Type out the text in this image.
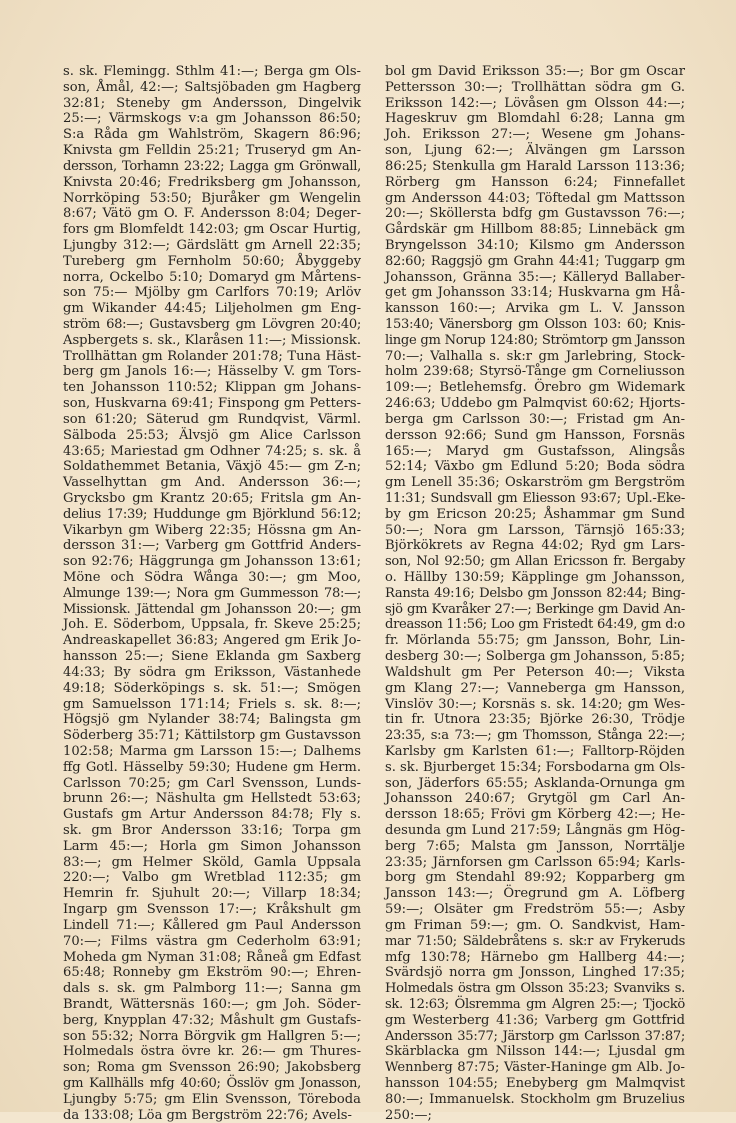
s. sk. Flemingg. Sthlm 41:—; Berga gm Ols-
son, Åmål, 42:—; Saltsjöbaden gm Hagberg
32:81; Steneby gm Andersson, Dingelvik
25:—; Värmskogs v:a gm Johansson 86:50;
S:a Råda gm Wahlström, Skagern 86:96;
Knivsta gm Felldin 25:21; Truseryd gm An-
dersson, Torhamn 23:22; Lagga gm Grönwall,
Knivsta 20:46; Fredriksberg gm Johansson,
Norrköping 53:50; Bjuråker gm Wengelin
8:67; Vätö gm O. F. Andersson 8:04; Deger-
fors gm Blomfeldt 142:03; gm Oscar Hurtig,
Ljungby 312:—; Gärdslätt gm Arnell 22:35;
Tureberg gm Fernholm 50:60; Åbyggeby
norra, Ockelbo 5:10; Domaryd gm Mårtens-
son 75:— Mjölby gm Carlfors 70:19; Arlöv
gm Wikander 44:45; Liljeholmen gm Eng-
ström 68:—; Gustavsberg gm Lövgren 20:40;
Aspbergets s. sk., Klaråsen 11:—; Missionsk.
Trollhättan gm Rolander 201:78; Tuna Häst-
berg gm Janols 16:—; Hässelby V. gm Tors-
ten Johansson 110:52; Klippan gm Johans-
son, Huskvarna 69:41; Finspong gm Petters-
son 61:20; Säterud gm Rundqvist, Värml.
Sälboda 25:53; Älvsjö gm Alice Carlsson
43:65; Mariestad gm Odhner 74:25; s. sk. å
Soldathemmet Betania, Växjö 45:— gm Z-n;
Vasselhyttan gm And. Andersson 36:—;
Grycksbo gm Krantz 20:65; Fritsla gm An-
delius 17:39; Huddunge gm Björklund 56:12;
Vikarbyn gm Wiberg 22:35; Hössna gm An-
dersson 31:—; Varberg gm Gottfrid Anders-
son 92:76; Häggrunga gm Johansson 13:61;
Möne och Södra Wånga 30:—; gm Moo,
Almunge 139:—; Nora gm Gummesson 78:—;
Missionsk. Jättendal gm Johansson 20:—; gm
Joh. E. Söderbom, Uppsala, fr. Skeve 25:25;
Andreaskapellet 36:83; Angered gm Erik Jo-
hansson 25:—; Siene Eklanda gm Saxberg
44:33; By södra gm Eriksson, Västanhede
49:18; Söderköpings s. sk. 51:—; Smögen
gm Samuelsson 171:14; Friels s. sk. 8:—;
Högsjö gm Nylander 38:74; Balingsta gm
Söderberg 35:71; Kättilstorp gm Gustavsson
102:58; Marma gm Larsson 15:—; Dalhems
ffg Gotl. Hässelby 59:30; Hudene gm Herm.
Carlsson 70:25; gm Carl Svensson, Lunds-
brunn 26:—; Näshulta gm Hellstedt 53:63;
Gustafs gm Artur Andersson 84:78; Fly s.
sk. gm Bror Andersson 33:16; Torpa gm
Larm 45:—; Horla gm Simon Johansson
83:—; gm Helmer Sköld, Gamla Uppsala
220:—; Valbo gm Wretblad 112:35; gm
Hemrin fr. Sjuhult 20:—; Villarp 18:34;
Ingarp gm Svensson 17:—; Kråkshult gm
Lindell 71:—; Kållered gm Paul Andersson
70:—; Films västra gm Cederholm 63:91;
Moheda gm Nyman 31:08; Råneå gm Edfast
65:48; Ronneby gm Ekström 90:—; Ehren-
dals s. sk. gm Palmborg 11:—; Sanna gm
Brandt, Wättersnäs 160:—; gm Joh. Söder-
berg, Knypplan 47:32; Måshult gm Gustafs-
son 55:32; Norra Börgvik gm Hallgren 5:—;
Holmedals östra övre kr. 26:— gm Thures-
son; Roma gm Svensson 26:90; Jakobsberg
gm Kallhälls mfg 40:60; Össlöv gm Jonasson,
Ljungby 5:75; gm Elin Svensson, Töreboda
da 133:08; Löa gm Bergström 22:76; Avels-
bol gm David Eriksson 35:—; Bor gm Oscar
Pettersson 30:—; Trollhättan södra gm G.
Eriksson 142:—; Lövåsen gm Olsson 44:—;
Hageskruv gm Blomdahl 6:28; Lanna gm
Joh. Eriksson 27:—; Wesene gm Johans-
son, Ljung 62:—; Älvängen gm Larsson
86:25; Stenkulla gm Harald Larsson 113:36;
Rörberg gm Hansson 6:24; Finnefallet
gm Andersson 44:03; Töftedal gm Mattsson
20:—; Sköllersta bdfg gm Gustavsson 76:—;
Gårdskär gm Hillbom 88:85; Linnebäck gm
Bryngelsson 34:10; Kilsmo gm Andersson
82:60; Raggsjö gm Grahn 44:41; Tuggarp gm
Johansson, Gränna 35:—; Källeryd Ballaber-
get gm Johansson 33:14; Huskvarna gm Hå-
kansson 160:—; Arvika gm L. V. Jansson
153:40; Vänersborg gm Olsson 103: 60; Knis-
linge gm Norup 124:80; Strömtorp gm Jansson
70:—; Valhalla s. sk:r gm Jarlebring, Stock-
holm 239:68; Styrsö-Tånge gm Corneliusson
109:—; Betlehemsfg. Örebro gm Widemark
246:63; Uddebo gm Palmqvist 60:62; Hjorts-
berga gm Carlsson 30:—; Fristad gm An-
dersson 92:66; Sund gm Hansson, Forsnäs
165:—; Maryd gm Gustafsson, Alingsås
52:14; Växbo gm Edlund 5:20; Boda södra
gm Lenell 35:36; Oskarström gm Bergström
11:31; Sundsvall gm Eliesson 93:67; Upl.-Eke-
by gm Ericson 20:25; Åshammar gm Sund
50:—; Nora gm Larsson, Tärnsjö 165:33;
Björkökrets av Regna 44:02; Ryd gm Lars-
son, Nol 92:50; gm Allan Ericsson fr. Bergaby
o. Hällby 130:59; Käpplinge gm Johansson,
Ransta 49:16; Delsbo gm Jonsson 82:44; Bing-
sjö gm Kvaråker 27:—; Berkinge gm David An-
dreasson 11:56; Loo gm Fristedt 64:49, gm d:o
fr. Mörlanda 55:75; gm Jansson, Bohr, Lin-
desberg 30:—; Solberga gm Johansson, 5:85;
Waldshult gm Per Peterson 40:—; Viksta
gm Klang 27:—; Vanneberga gm Hansson,
Vinslöv 30:—; Korsnäs s. sk. 14:20; gm Wes-
tin fr. Utnora 23:35; Björke 26:30, Trödje
23:35, s:a 73:—; gm Thomsson, Stånga 22:—;
Karlsby gm Karlsten 61:—; Falltorp-Röjden
s. sk. Bjurberget 15:34; Forsbodarna gm Ols-
son, Jäderfors 65:55; Asklanda-Ornunga gm
Johansson 240:67; Grytgöl gm Carl An-
dersson 18:65; Frövi gm Körberg 42:—; He-
desunda gm Lund 217:59; Långnäs gm Hög-
berg 7:65; Malsta gm Jansson, Norrtälje
23:35; Järnforsen gm Carlsson 65:94; Karls-
borg gm Stendahl 89:92; Kopparberg gm
Jansson 143:—; Öregrund gm A. Löfberg
59:—; Olsäter gm Fredström 55:—; Asby
gm Friman 59:—; gm. O. Sandkvist, Ham-
mar 71:50; Säldebråtens s. sk:r av Frykeruds
mfg 130:78; Härnebo gm Hallberg 44:—;
Svärdsjö norra gm Jonsson, Linghed 17:35;
Holmedals östra gm Olsson 35:23; Svanviks s.
sk. 12:63; Ölsremma gm Algren 25:—; Tjockö
gm Westerberg 41:36; Varberg gm Gottfrid
Andersson 35:77; Järstorp gm Carlsson 37:87;
Skärblacka gm Nilsson 144:—; Ljusdal gm
Wennberg 87:75; Väster-Haninge gm Alb. Jo-
hansson 104:55; Enebyberg gm Malmqvist
80:—; Immanuelsk. Stockholm gm Bruzelius
250:—;
